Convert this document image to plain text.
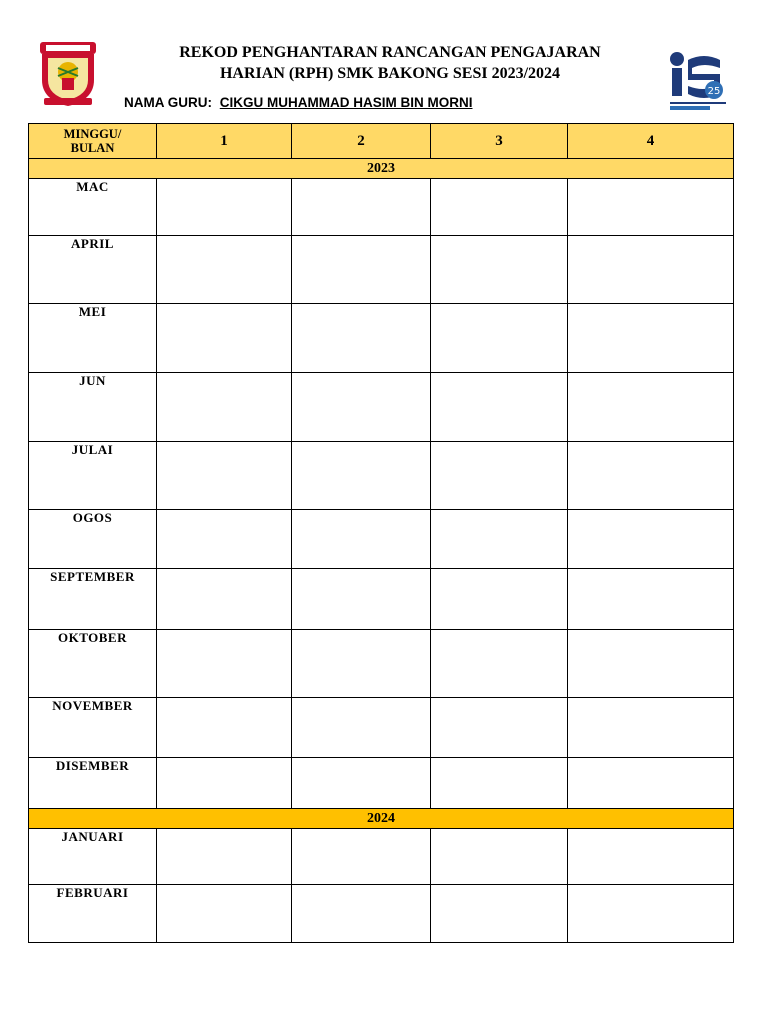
REKOD PENGHANTARAN RANCANGAN PENGAJARAN
HARIAN (RPH) SMK BAKONG SESI 2023/2024
25
NAMA GURU: CIKGU MUHAMMAD HASIM BIN MORNI
MINGGU/
BULAN	1	2	3	4
2023				
MAC				
APRIL				
MEI				
JUN				
JULAI				
OGOS				
SEPTEMBER				
OKTOBER				
NOVEMBER				
DISEMBER				
2024				
JANUARI				
FEBRUARI				
